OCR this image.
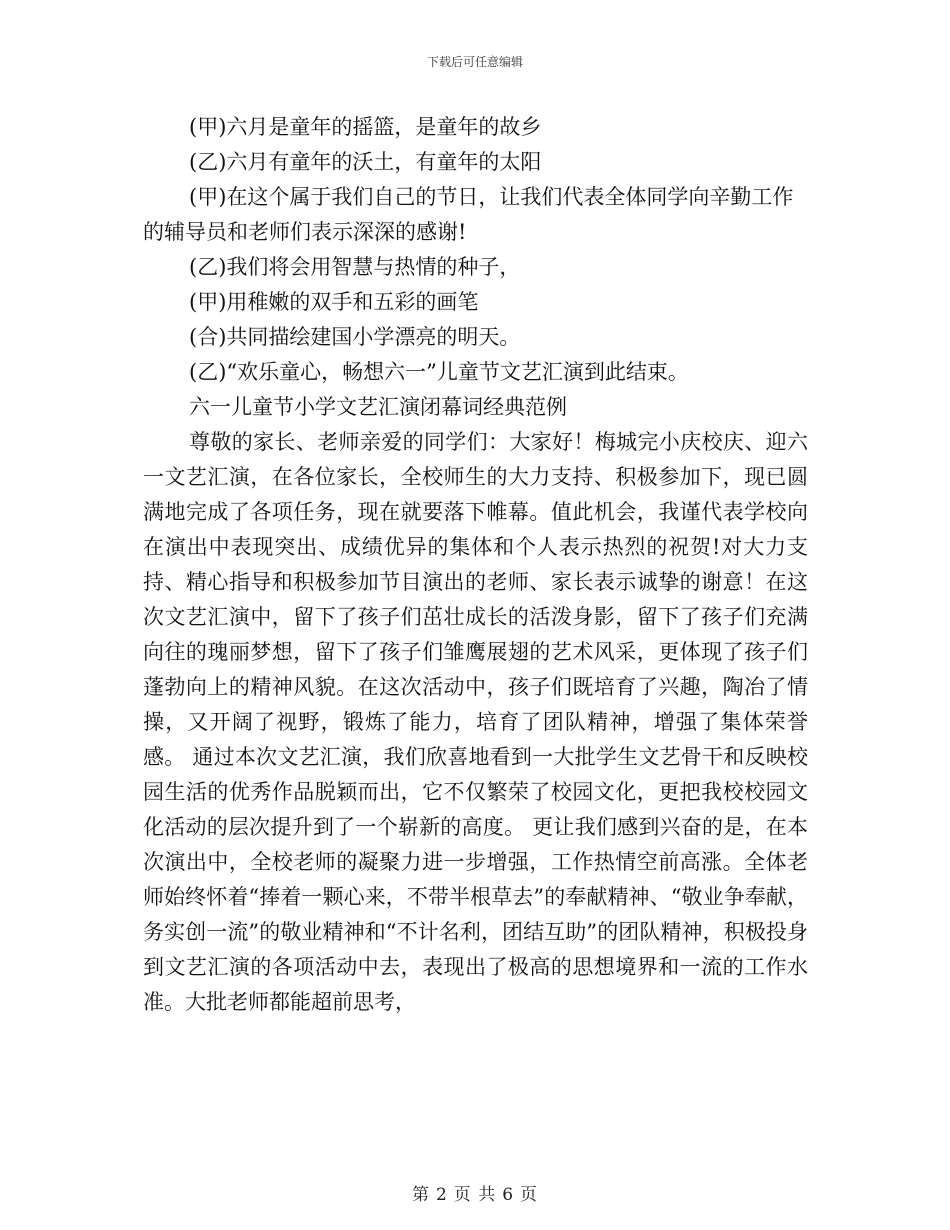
下载后可任意编辑

(甲)六月是童年的摇篮，是童年的故乡

(乙)六月有童年的沃土，有童年的太阳

(甲)在这个属于我们自己的节日，让我们代表全体同学向辛勤工作的辅导员和老师们表示深深的感谢!

(乙)我们将会用智慧与热情的种子，

(甲)用稚嫩的双手和五彩的画笔

(合)共同描绘建国小学漂亮的明天。

(乙)“欢乐童心，畅想六一”儿童节文艺汇演到此结束。

六一儿童节小学文艺汇演闭幕词经典范例

尊敬的家长、老师亲爱的同学们：大家好！梅城完小庆校庆、迎六一文艺汇演，在各位家长，全校师生的大力支持、积极参加下，现已圆满地完成了各项任务，现在就要落下帷幕。值此机会，我谨代表学校向在演出中表现突出、成绩优异的集体和个人表示热烈的祝贺!对大力支持、精心指导和积极参加节目演出的老师、家长表示诚挚的谢意！在这次文艺汇演中，留下了孩子们茁壮成长的活泼身影，留下了孩子们充满向往的瑰丽梦想，留下了孩子们雏鹰展翅的艺术风采，更体现了孩子们蓬勃向上的精神风貌。在这次活动中，孩子们既培育了兴趣，陶冶了情操，又开阔了视野，锻炼了能力，培育了团队精神，增强了集体荣誉感。 通过本次文艺汇演，我们欣喜地看到一大批学生文艺骨干和反映校园生活的优秀作品脱颖而出，它不仅繁荣了校园文化，更把我校校园文化活动的层次提升到了一个崭新的高度。 更让我们感到兴奋的是，在本次演出中，全校老师的凝聚力进一步增强，工作热情空前高涨。全体老师始终怀着“捧着一颗心来，不带半根草去”的奉献精神、“敬业争奉献，务实创一流”的敬业精神和“不计名利，团结互助”的团队精神，积极投身到文艺汇演的各项活动中去，表现出了极高的思想境界和一流的工作水准。大批老师都能超前思考，

第 2 页 共 6 页
